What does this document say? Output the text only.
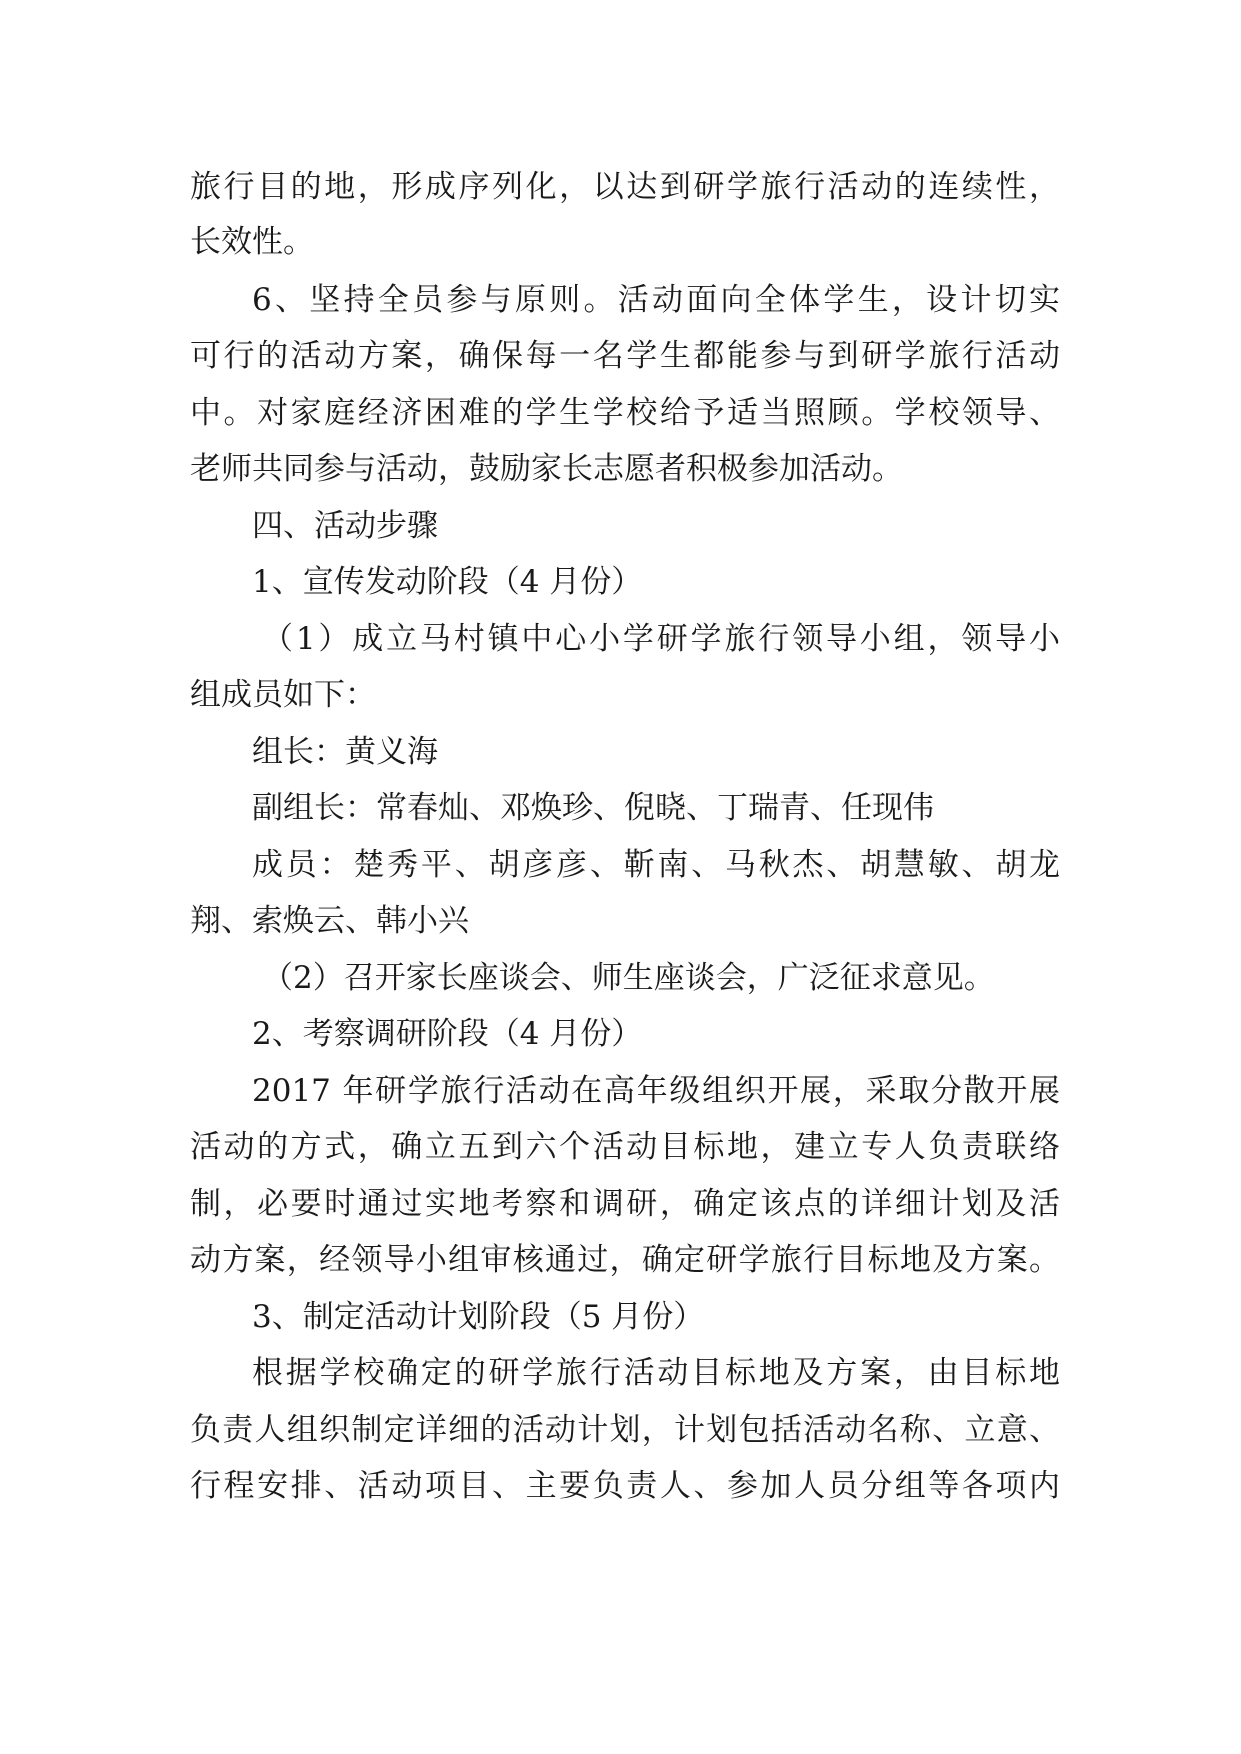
旅行目的地，形成序列化，以达到研学旅行活动的连续性，
长效性。
6、坚持全员参与原则。活动面向全体学生，设计切实
可行的活动方案，确保每一名学生都能参与到研学旅行活动
中。对家庭经济困难的学生学校给予适当照顾。学校领导、
老师共同参与活动，鼓励家长志愿者积极参加活动。
四、活动步骤
1、宣传发动阶段（4 月份）
（1）成立马村镇中心小学研学旅行领导小组，领导小
组成员如下：
组长：黄义海
副组长：常春灿、邓焕珍、倪晓、丁瑞青、任现伟
成员：楚秀平、胡彦彦、靳南、马秋杰、胡慧敏、胡龙
翔、索焕云、韩小兴
（2）召开家长座谈会、师生座谈会，广泛征求意见。
2、考察调研阶段（4 月份）
2017 年研学旅行活动在高年级组织开展，采取分散开展
活动的方式，确立五到六个活动目标地，建立专人负责联络
制，必要时通过实地考察和调研，确定该点的详细计划及活
动方案，经领导小组审核通过，确定研学旅行目标地及方案。
3、制定活动计划阶段（5 月份）
根据学校确定的研学旅行活动目标地及方案，由目标地
负责人组织制定详细的活动计划，计划包括活动名称、立意、
行程安排、活动项目、主要负责人、参加人员分组等各项内
